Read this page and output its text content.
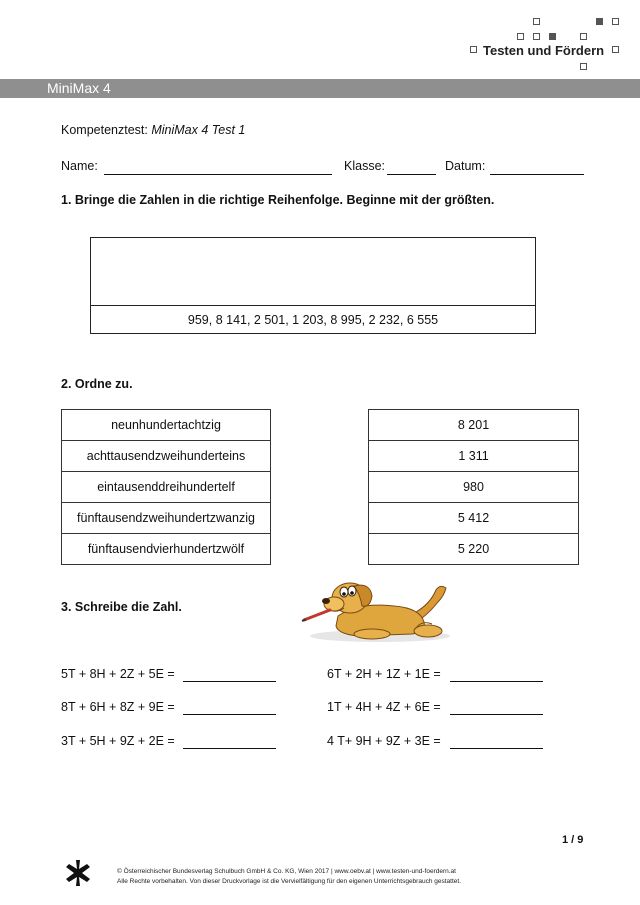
Testen und Fördern
MiniMax 4
Kompetenztest: MiniMax 4 Test 1
Name:	Klasse:	Datum:
1. Bringe die Zahlen in die richtige Reihenfolge. Beginne mit der größten.
959, 8 141, 2 501, 1 203, 8 995, 2 232, 6 555
2. Ordne zu.
neunhundertachtzig
achttausendzweihunderteins
eintausenddreihundertelf
fünftausendzweihundertzwanzig
fünftausendvierhundertzwölf
8 201
1 311
980
5 412
5 220
3. Schreibe die Zahl.
5T + 8H + 2Z + 5E =
8T + 6H + 8Z + 9E =
3T + 5H + 9Z + 2E =
6T + 2H + 1Z + 1E =
1T + 4H + 4Z + 6E =
4 T+ 9H + 9Z + 3E =
1 / 9
© Österreichischer Bundesverlag Schulbuch GmbH & Co. KG, Wien 2017 | www.oebv.at | www.testen-und-foerdern.at
Alle Rechte vorbehalten. Von dieser Druckvorlage ist die Vervielfältigung für den eigenen Unterrichtsgebrauch gestattet.
